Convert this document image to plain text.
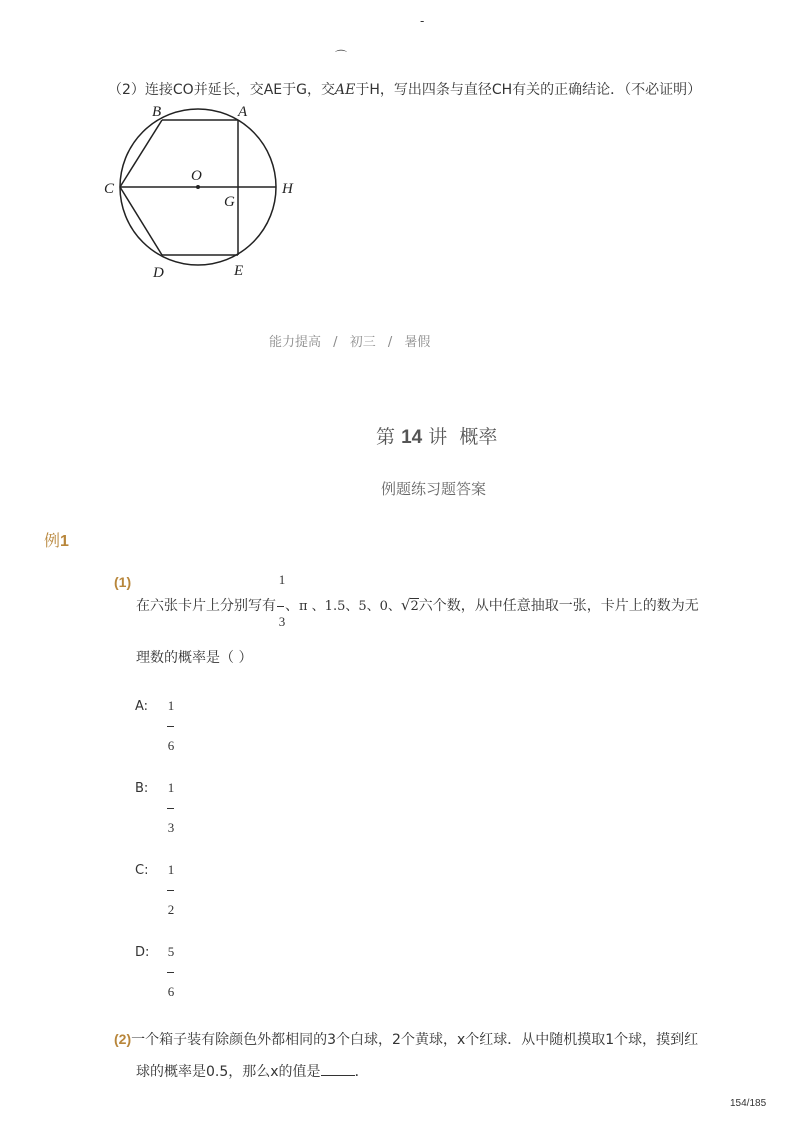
-
⌒
（2）连接CO并延长，交AE于G，交AE于H，写出四条与直径CH有关的正确结论．（不必证明）
B	A
C
O
G
H
D	E
能力提高 / 初三 / 暑假
第 14 讲 概率
例题练习题答案
例1
(1)	1
3
在六张卡片上分别写有 、π 、1.5、5、0、√2六个数，从中任意抽取一张，卡片上的数为无
理数的概率是（ ）
A: 1
6
B: 1
3
C: 1
2
D: 5
6
(2)一个箱子装有除颜色外都相同的3个白球，2个黄球，x个红球．从中随机摸取1个球，摸到红
球的概率是0.5，那么x的值是 ．
154/185
